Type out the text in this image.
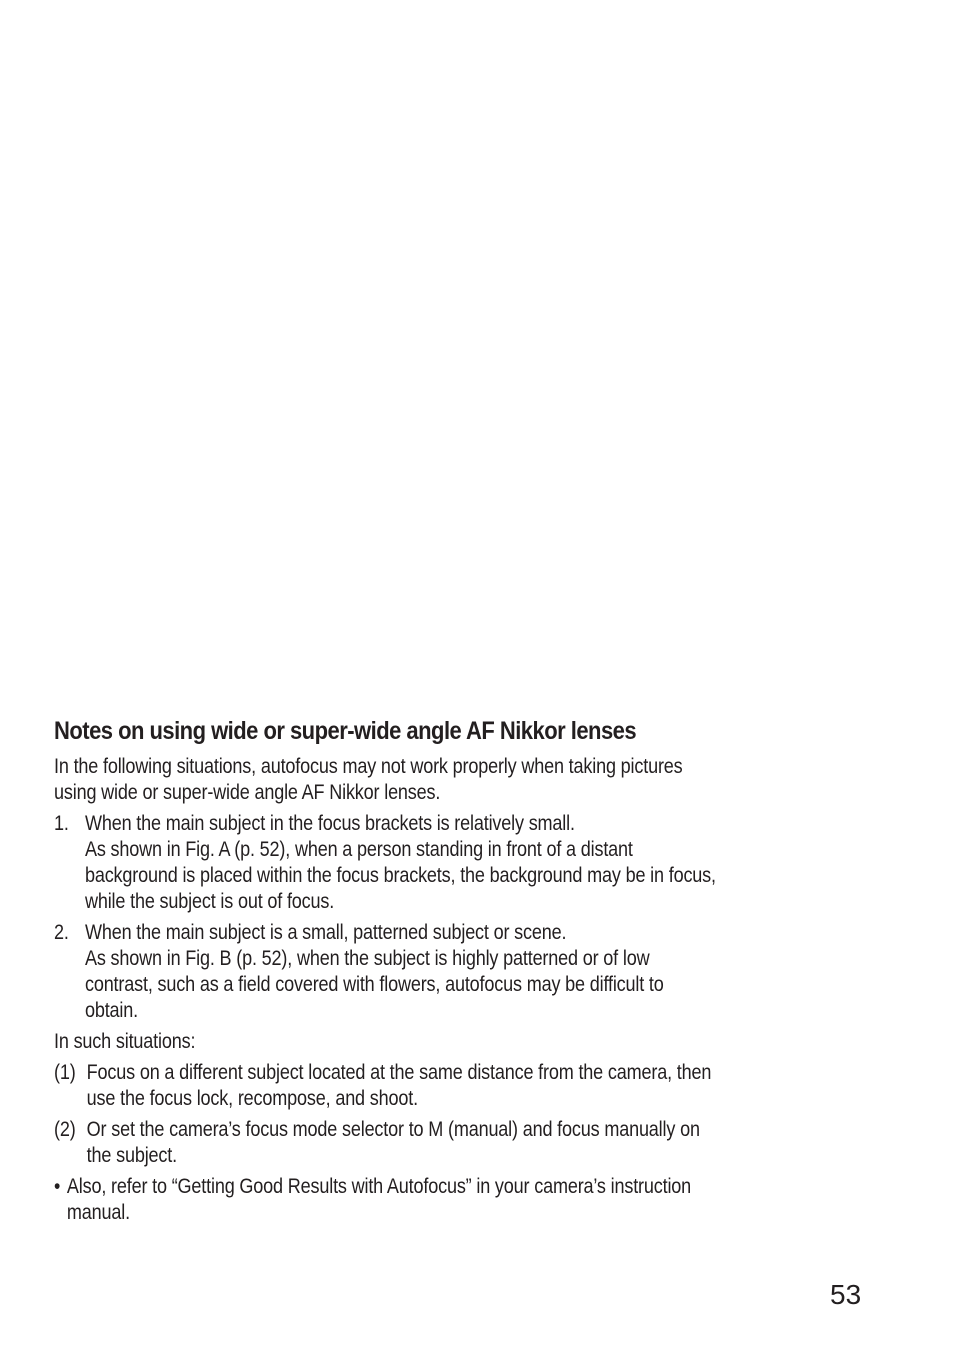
Notes on using wide or super-wide angle AF Nikkor lenses
In the following situations, autofocus may not work properly when taking pictures
using wide or super-wide angle AF Nikkor lenses.
1. When the main subject in the focus brackets is relatively small.
As shown in Fig. A (p. 52), when a person standing in front of a distant
background is placed within the focus brackets, the background may be in focus,
while the subject is out of focus.
2. When the main subject is a small, patterned subject or scene.
As shown in Fig. B (p. 52), when the subject is highly patterned or of low
contrast, such as a field covered with flowers, autofocus may be difficult to
obtain.
In such situations:
(1) Focus on a different subject located at the same distance from the camera, then
use the focus lock, recompose, and shoot.
(2) Or set the camera’s focus mode selector to M (manual) and focus manually on
the subject.
• Also, refer to “Getting Good Results with Autofocus” in your camera’s instruction
manual.
53
